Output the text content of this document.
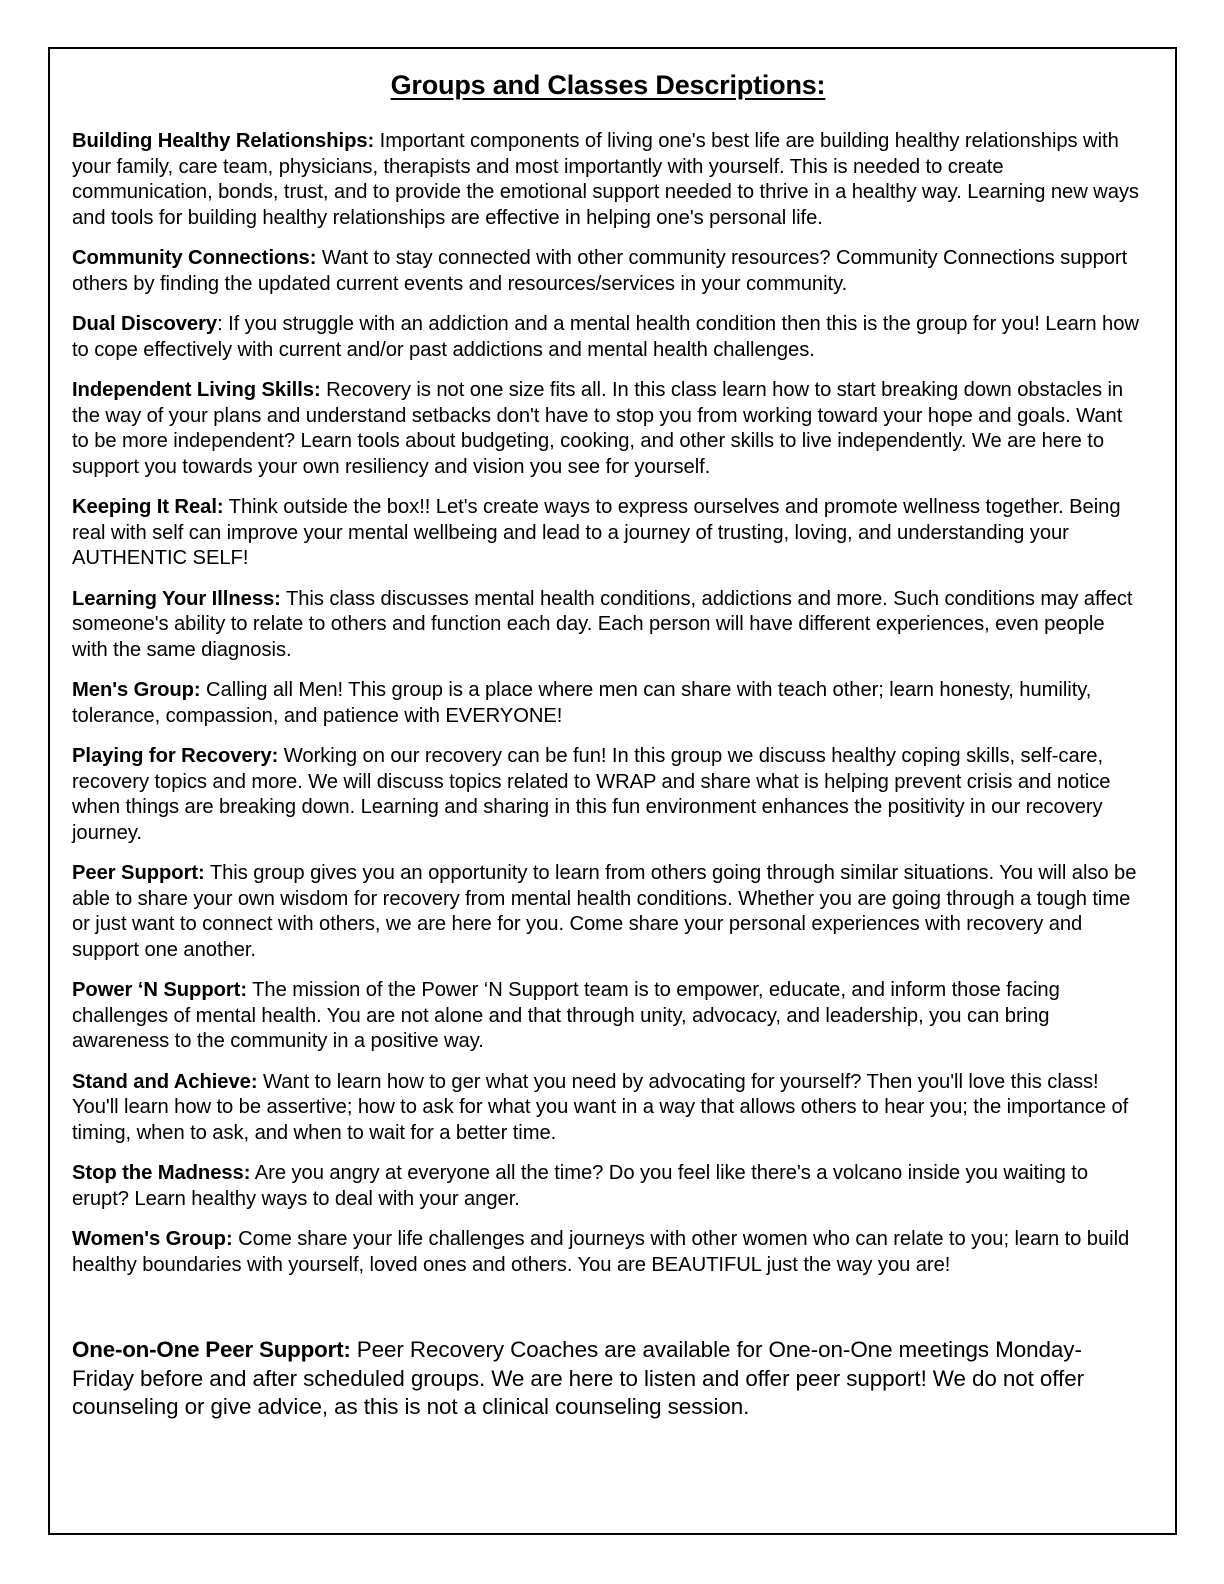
Groups and Classes Descriptions:

Building Healthy Relationships: Important components of living one's best life are building healthy relationships with your family, care team, physicians, therapists and most importantly with yourself. This is needed to create communication, bonds, trust, and to provide the emotional support needed to thrive in a healthy way. Learning new ways and tools for building healthy relationships are effective in helping one's personal life.

Community Connections: Want to stay connected with other community resources? Community Connections support others by finding the updated current events and resources/services in your community.

Dual Discovery: If you struggle with an addiction and a mental health condition then this is the group for you! Learn how to cope effectively with current and/or past addictions and mental health challenges.

Independent Living Skills: Recovery is not one size fits all. In this class learn how to start breaking down obstacles in the way of your plans and understand setbacks don't have to stop you from working toward your hope and goals. Want to be more independent? Learn tools about budgeting, cooking, and other skills to live independently. We are here to support you towards your own resiliency and vision you see for yourself.

Keeping It Real: Think outside the box!! Let's create ways to express ourselves and promote wellness together. Being real with self can improve your mental wellbeing and lead to a journey of trusting, loving, and understanding your AUTHENTIC SELF!

Learning Your Illness: This class discusses mental health conditions, addictions and more. Such conditions may affect someone's ability to relate to others and function each day. Each person will have different experiences, even people with the same diagnosis.

Men's Group: Calling all Men! This group is a place where men can share with teach other; learn honesty, humility, tolerance, compassion, and patience with EVERYONE!

Playing for Recovery: Working on our recovery can be fun! In this group we discuss healthy coping skills, self-care, recovery topics and more. We will discuss topics related to WRAP and share what is helping prevent crisis and notice when things are breaking down. Learning and sharing in this fun environment enhances the positivity in our recovery journey.

Peer Support: This group gives you an opportunity to learn from others going through similar situations. You will also be able to share your own wisdom for recovery from mental health conditions. Whether you are going through a tough time or just want to connect with others, we are here for you. Come share your personal experiences with recovery and support one another.

Power ‘N Support: The mission of the Power ‘N Support team is to empower, educate, and inform those facing challenges of mental health. You are not alone and that through unity, advocacy, and leadership, you can bring awareness to the community in a positive way.

Stand and Achieve: Want to learn how to ger what you need by advocating for yourself? Then you'll love this class! You'll learn how to be assertive; how to ask for what you want in a way that allows others to hear you; the importance of timing, when to ask, and when to wait for a better time.

Stop the Madness: Are you angry at everyone all the time? Do you feel like there's a volcano inside you waiting to erupt? Learn healthy ways to deal with your anger.

Women's Group: Come share your life challenges and journeys with other women who can relate to you; learn to build healthy boundaries with yourself, loved ones and others. You are BEAUTIFUL just the way you are!

One-on-One Peer Support: Peer Recovery Coaches are available for One-on-One meetings Monday- Friday before and after scheduled groups. We are here to listen and offer peer support! We do not offer counseling or give advice, as this is not a clinical counseling session.
